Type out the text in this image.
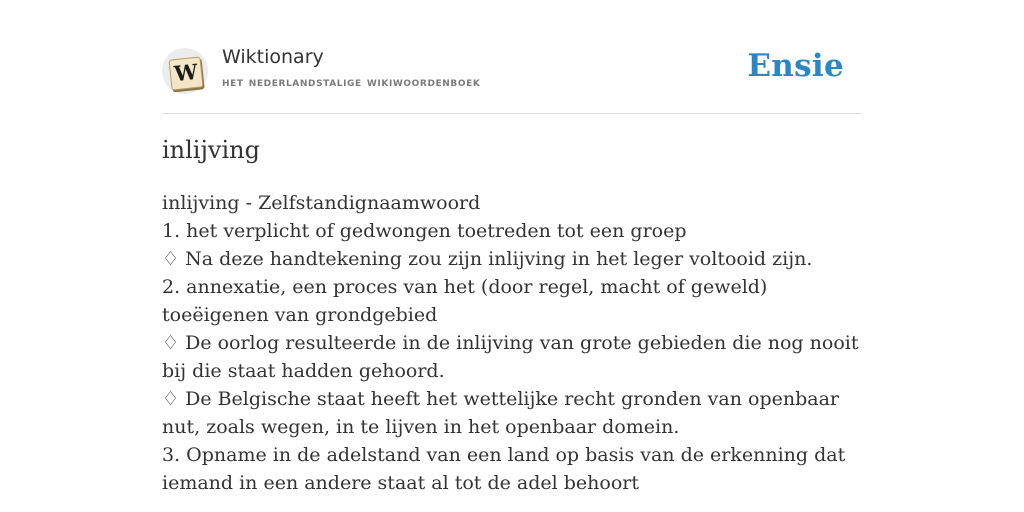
W
Wiktionary
het nederlandstalige wikiwoordenboek	Ensie
inlijving

inlijving - Zelfstandignaamwoord

1. het verplicht of gedwongen toetreden tot een groep

♢ Na deze handtekening zou zijn inlijving in het leger voltooid zijn.

2. annexatie, een proces van het (door regel, macht of geweld) toeëigenen van grondgebied

♢ De oorlog resulteerde in de inlijving van grote gebieden die nog nooit bij die staat hadden gehoord.

♢ De Belgische staat heeft het wettelijke recht gronden van openbaar nut, zoals wegen, in te lijven in het openbaar domein.

3. Opname in de adelstand van een land op basis van de erkenning dat iemand in een andere staat al tot de adel behoort
